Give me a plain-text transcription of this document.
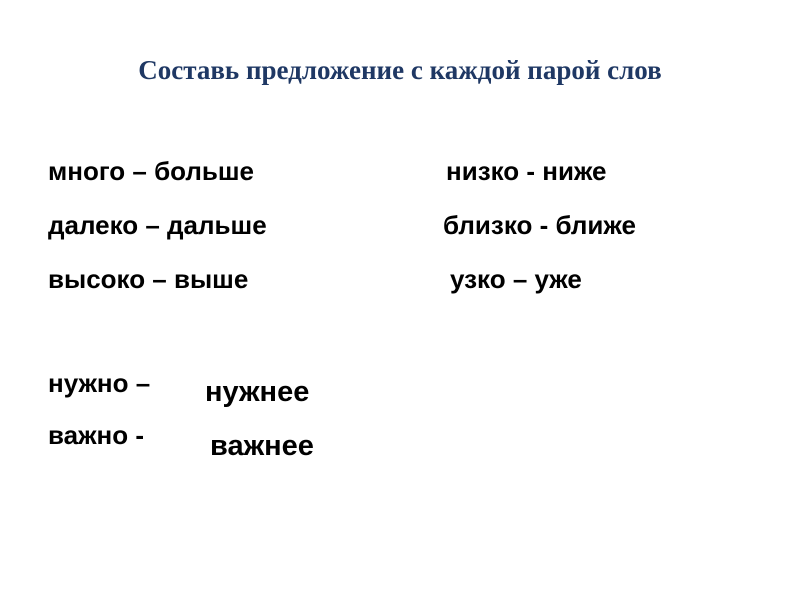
Составь предложение с каждой парой слов
много – больше
далеко – дальше
высоко – выше
низко - ниже
близко - ближе
узко – уже
нужно – нужнее
важно - важнее
